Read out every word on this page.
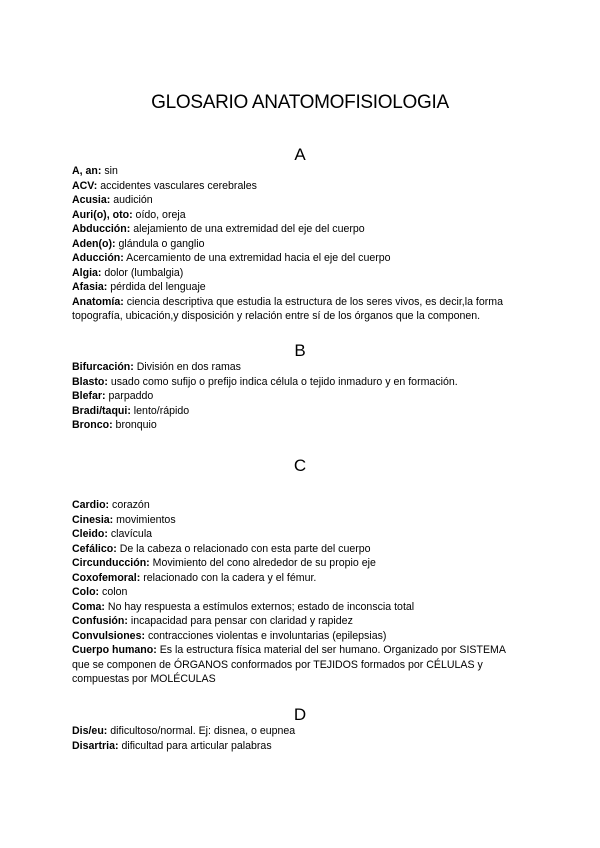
GLOSARIO ANATOMOFISIOLOGIA
A
A, an: sin
ACV: accidentes vasculares cerebrales
Acusia: audición
Auri(o), oto: oído, oreja
Abducción: alejamiento de una extremidad del eje del cuerpo
Aden(o): glándula o ganglio
Aducción: Acercamiento de una extremidad hacia el eje del cuerpo
Algia: dolor (lumbalgia)
Afasia: pérdida del lenguaje
Anatomía: ciencia descriptiva que estudia la estructura de los seres vivos, es decir,la forma topografía, ubicación,y disposición y relación entre sí de los órganos que la componen.
B
Bifurcación: División en dos ramas
Blasto: usado como sufijo o prefijo indica célula o tejido inmaduro y en formación.
Blefar: parpaddo
Bradi/taqui: lento/rápido
Bronco: bronquio
C
Cardio: corazón
Cinesia: movimientos
Cleido: clavícula
Cefálico: De la cabeza o relacionado con esta parte del cuerpo
Circunducción: Movimiento del cono alrededor de su propio eje
Coxofemoral: relacionado con la cadera y el fémur.
Colo: colon
Coma: No hay respuesta a estímulos externos; estado de inconscia total
Confusión: incapacidad para pensar con claridad y rapidez
Convulsiones: contracciones violentas e involuntarias (epilepsias)
Cuerpo humano: Es la estructura física material del ser humano. Organizado por SISTEMA que se componen de ÓRGANOS conformados por TEJIDOS formados por CÉLULAS y compuestas por MOLÉCULAS
D
Dis/eu: dificultoso/normal. Ej: disnea, o eupnea
Disartria: dificultad para articular palabras
